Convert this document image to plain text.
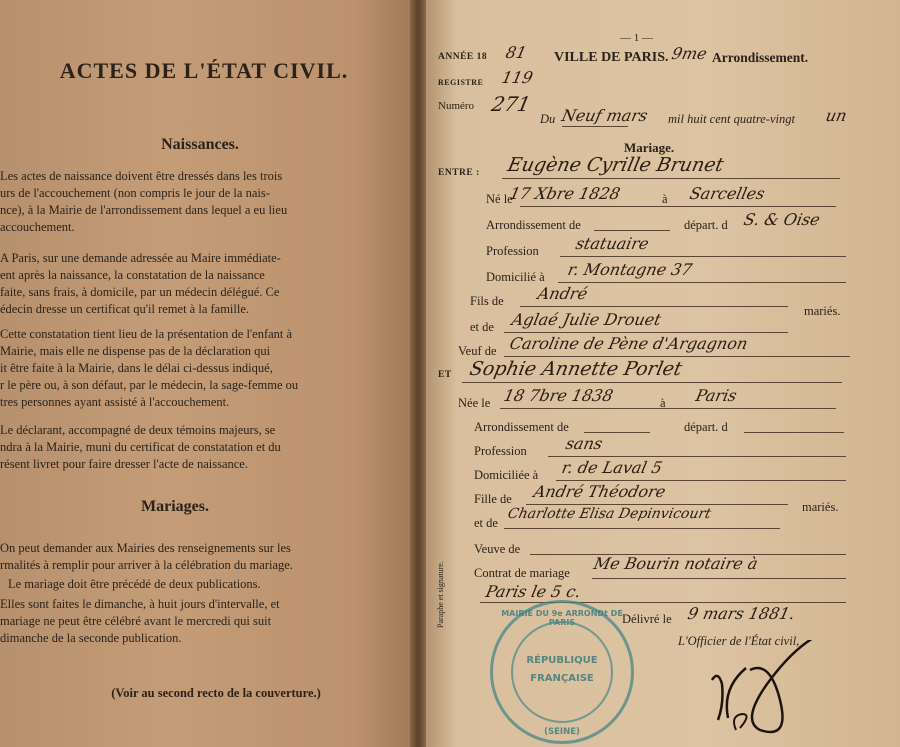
ACTES DE L'ÉTAT CIVIL.
Naissances.
Les actes de naissance doivent être dressés dans les trois
urs de l'accouchement (non compris le jour de la nais-
nce), à la Mairie de l'arrondissement dans lequel a eu lieu
accouchement.
A Paris, sur une demande adressée au Maire immédiate-
ent après la naissance, la constatation de la naissance
faite, sans frais, à domicile, par un médecin délégué. Ce
édecin dresse un certificat qu'il remet à la famille.
Cette constatation tient lieu de la présentation de l'enfant à
Mairie, mais elle ne dispense pas de la déclaration qui
it être faite à la Mairie, dans le délai ci-dessus indiqué,
r le père ou, à son défaut, par le médecin, la sage-femme ou
tres personnes ayant assisté à l'accouchement.
Le déclarant, accompagné de deux témoins majeurs, se
ndra à la Mairie, muni du certificat de constatation et du
résent livret pour faire dresser l'acte de naissance.
Mariages.
On peut demander aux Mairies des renseignements sur les
rmalités à remplir pour arriver à la célébration du mariage.
Le mariage doit être précédé de deux publications.
Elles sont faites le dimanche, à huit jours d'intervalle, et
mariage ne peut être célébré avant le mercredi qui suit
dimanche de la seconde publication.
(Voir au second recto de la couverture.)
— 1 —
ANNÉE 18 81 VILLE DE PARIS. 9me Arrondissement.
REGISTRE 119
Numéro 271
Du Neuf mars mil huit cent quatre-vingt un
Mariage.
ENTRE : Eugène Cyrille Brunet
Né le
17 Xbre 1828	à Sarcelles
Arrondissement de	départ. d S. & Oise
Profession statuaire
Domicilié à r. Montagne 37
Fils de André
et de Aglaé Julie Drouet	mariés.
Veuf de Caroline de Pène d'Argagnon
ET Sophie Annette Porlet
Née le 18 7bre 1838	à Paris
Arrondissement de	départ. d
Profession sans
Domiciliée à r. de Laval 5
Fille de André Théodore
et de
Charlotte Elisa Depinvicourt	mariés.
Veuve de
Contrat de mariage Me Bourin notaire à
Paris le 5 c.
Délivré le 9 mars 1881.
L'Officier de l'État civil,
Paraphe et signature.	MAIRIE DU 9e ARRONDt DE PARIS
RÉPUBLIQUE
FRANÇAISE
(SEINE)
